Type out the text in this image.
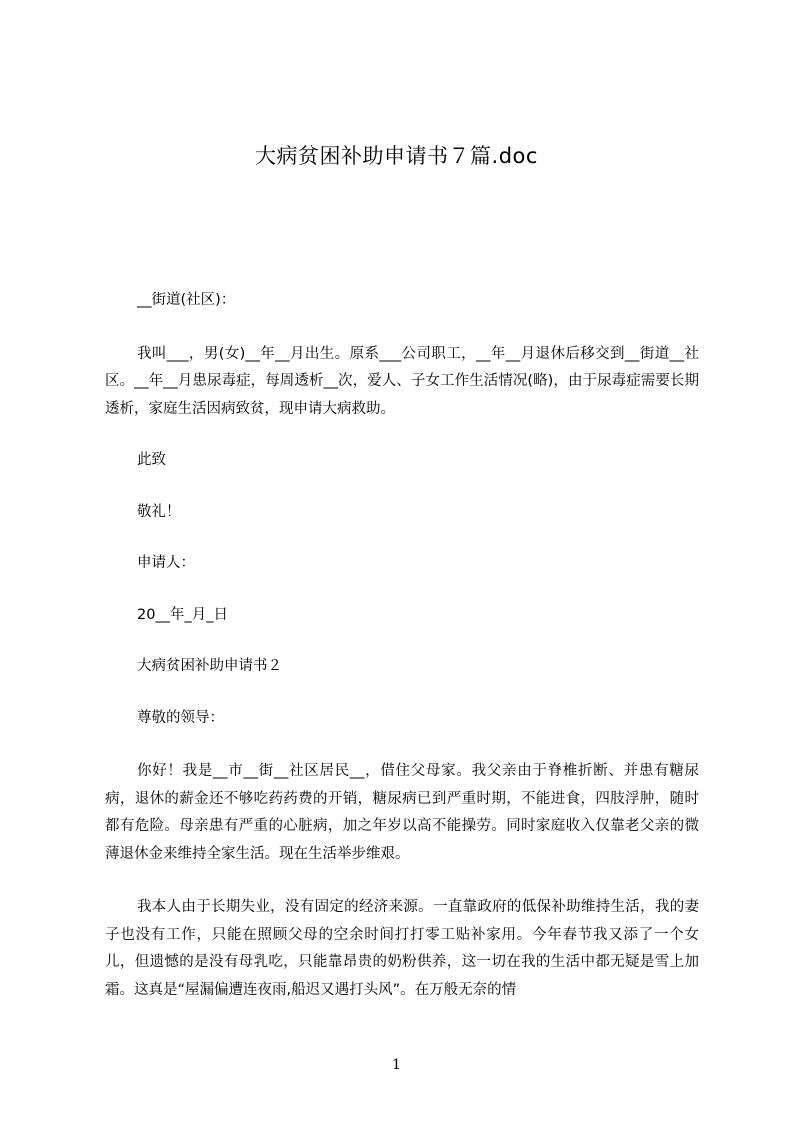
大病贫困补助申请书７篇.doc

__街道(社区)：

我叫___，男(女)__年__月出生。原系___公司职工，__年__月退休后移交到__街道__社区。__年__月患尿毒症，每周透析__次，爱人、子女工作生活情况(略)，由于尿毒症需要长期透析，家庭生活因病致贫，现申请大病救助。

此致

敬礼！

申请人：

20__年_月_日

大病贫困补助申请书２

尊敬的领导：

你好！我是__市__街__社区居民__，借住父母家。我父亲由于脊椎折断、并患有糖尿病，退休的薪金还不够吃药药费的开销，糖尿病已到严重时期，不能进食，四肢浮肿，随时都有危险。母亲患有严重的心脏病，加之年岁以高不能操劳。同时家庭收入仅靠老父亲的微薄退休金来维持全家生活。现在生活举步维艰。

我本人由于长期失业，没有固定的经济来源。一直靠政府的低保补助维持生活，我的妻子也没有工作，只能在照顾父母的空余时间打打零工贴补家用。今年春节我又添了一个女儿，但遗憾的是没有母乳吃，只能靠昂贵的奶粉供养，这一切在我的生活中都无疑是雪上加霜。这真是“屋漏偏遭连夜雨,船迟又遇打头风”。在万般无奈的情

1
